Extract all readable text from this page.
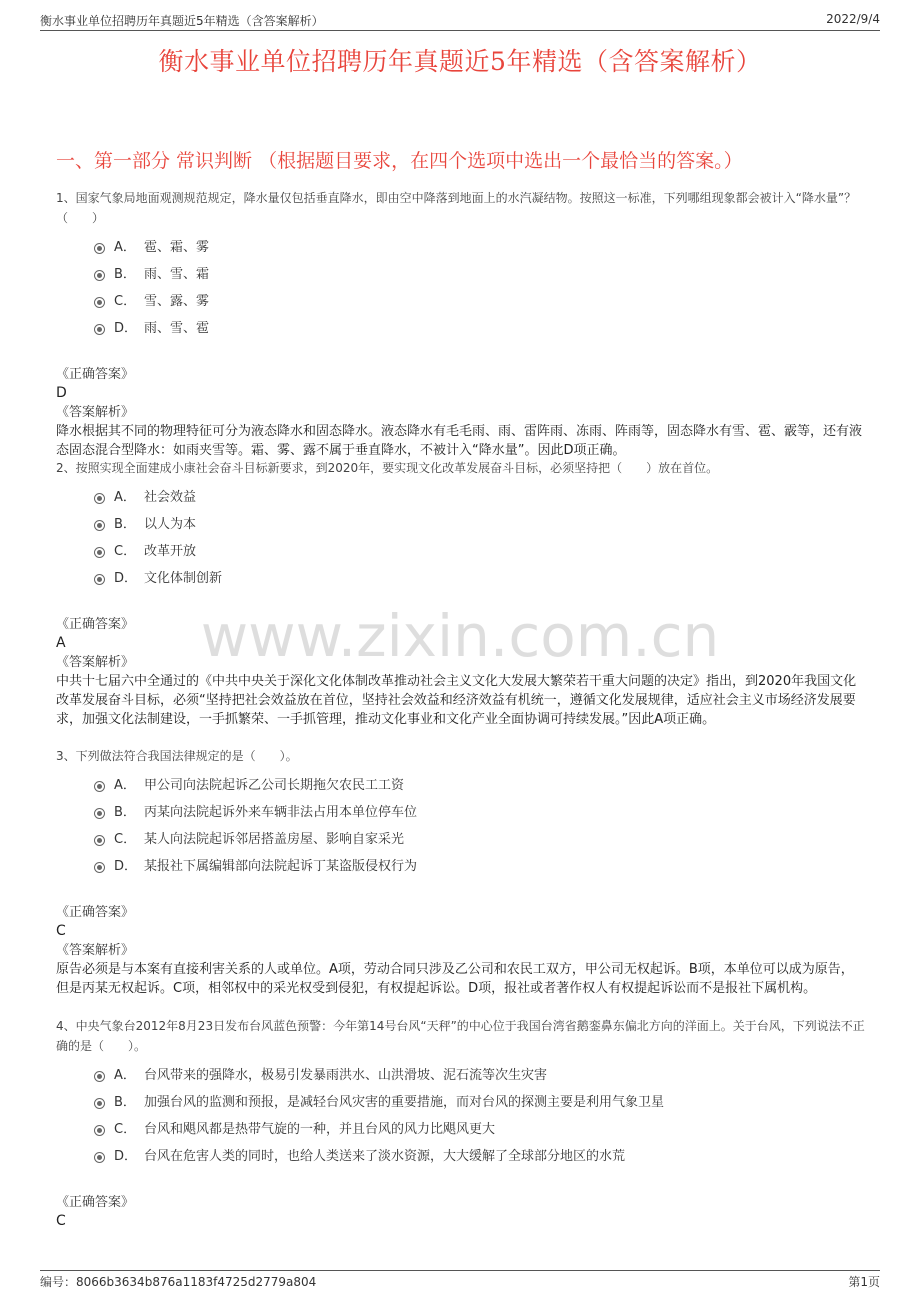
衡水事业单位招聘历年真题近5年精选（含答案解析）	2022/9/4
衡水事业单位招聘历年真题近5年精选（含答案解析）
一、第一部分 常识判断 （根据题目要求，在四个选项中选出一个最恰当的答案。）
www.zixin.com.cn
1、国家气象局地面观测规范规定，降水量仅包括垂直降水，即由空中降落到地面上的水汽凝结物。按照这一标准，下列哪组现象都会被计入“降水量”？（　　）
A． 雹、霜、雾
B． 雨、雪、霜
C． 雪、露、雾
D． 雨、雪、雹
《正确答案》
D
《答案解析》
降水根据其不同的物理特征可分为液态降水和固态降水。液态降水有毛毛雨、雨、雷阵雨、冻雨、阵雨等，固态降水有雪、雹、霰等，还有液态固态混合型降水：如雨夹雪等。霜、雾、露不属于垂直降水，不被计入“降水量”。因此D项正确。
2、按照实现全面建成小康社会奋斗目标新要求，到2020年，要实现文化改革发展奋斗目标，必须坚持把（　　）放在首位。
A． 社会效益
B． 以人为本
C． 改革开放
D． 文化体制创新
《正确答案》
A
《答案解析》
中共十七届六中全通过的《中共中央关于深化文化体制改革推动社会主义文化大发展大繁荣若干重大问题的决定》指出，到2020年我国文化改革发展奋斗目标，必须“坚持把社会效益放在首位，坚持社会效益和经济效益有机统一，遵循文化发展规律，适应社会主义市场经济发展要求，加强文化法制建设，一手抓繁荣、一手抓管理，推动文化事业和文化产业全面协调可持续发展。”因此A项正确。
3、下列做法符合我国法律规定的是（　　）。
A． 甲公司向法院起诉乙公司长期拖欠农民工工资
B． 丙某向法院起诉外来车辆非法占用本单位停车位
C． 某人向法院起诉邻居搭盖房屋、影响自家采光
D． 某报社下属编辑部向法院起诉丁某盗版侵权行为
《正确答案》
C
《答案解析》
原告必须是与本案有直接利害关系的人或单位。A项，劳动合同只涉及乙公司和农民工双方，甲公司无权起诉。B项，本单位可以成为原告，但是丙某无权起诉。C项，相邻权中的采光权受到侵犯，有权提起诉讼。D项，报社或者著作权人有权提起诉讼而不是报社下属机构。
4、中央气象台2012年8月23日发布台风蓝色预警：今年第14号台风“天秤”的中心位于我国台湾省鹅銮鼻东偏北方向的洋面上。关于台风，下列说法不正确的是（　　）。
A． 台风带来的强降水，极易引发暴雨洪水、山洪滑坡、泥石流等次生灾害
B． 加强台风的监测和预报，是减轻台风灾害的重要措施，而对台风的探测主要是利用气象卫星
C． 台风和飓风都是热带气旋的一种，并且台风的风力比飓风更大
D． 台风在危害人类的同时，也给人类送来了淡水资源，大大缓解了全球部分地区的水荒
《正确答案》
C
编号：8066b3634b876a1183f4725d2779a804	第1页
